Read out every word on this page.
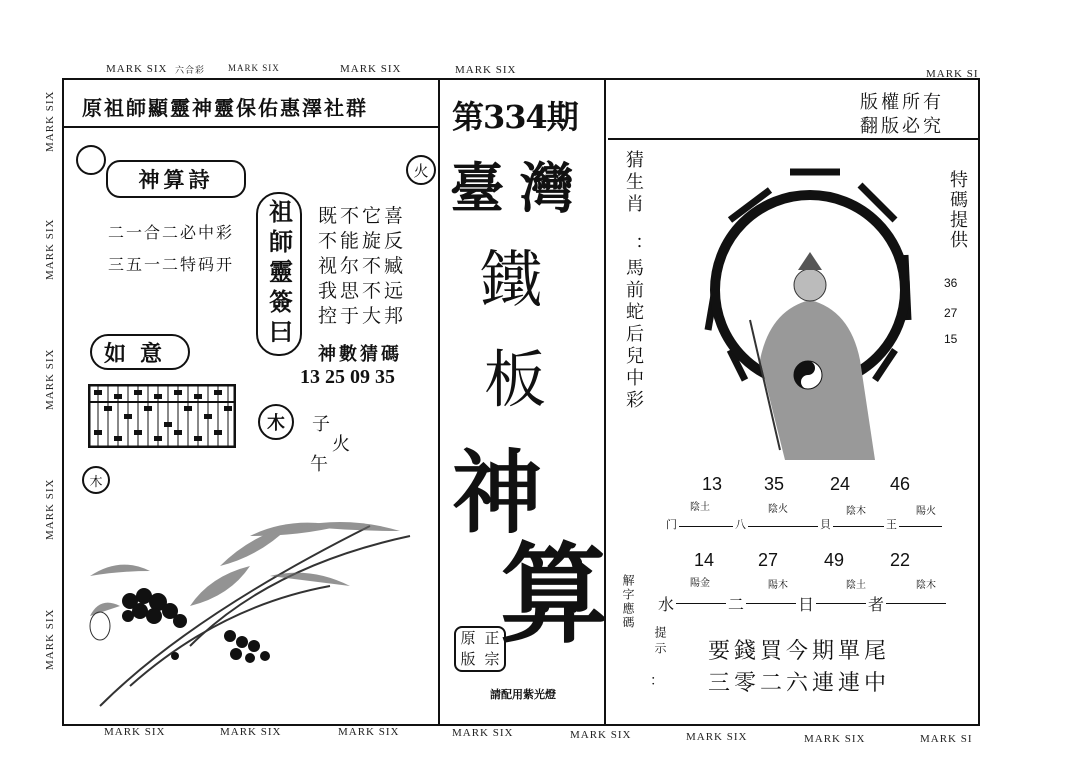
MARK SIX 六合彩	MARK SIX	MARK SIX	MARK SIX	MARK SI
MARK SIX	MARK SIX	MARK SIX	MARK SIX	MARK SIX	MARK SIX	MARK SIX	MARK SI
MARK SIX
MARK SIX
MARK SIX
MARK SIX
MARK SIX
原祖師顯靈神靈保佑惠澤社群
神算詩	火
二一合二必中彩
三五一二特码开 祖師靈簽曰 既不它喜
不能旋反
视尔不臧
我思不远
控于大邦
如意	神數猜碼
13 25 09 35
木 子
火
午
木
第334期
臺 灣
鐵
板
神
算
原 正
版 宗
請配用紫光燈
版權所有
翻版必究
猜生肖
：馬前蛇后兒中彩
特碼提供
36
27
15
13 35	24 46
陰土	陰火	陰木	陽火
门	八	貝	王
14 27	49	22
陽金	陽木	陰土	陰木
水	二	日	者
解字應碼
提示
：
要錢買今期單尾
三零二六連連中
